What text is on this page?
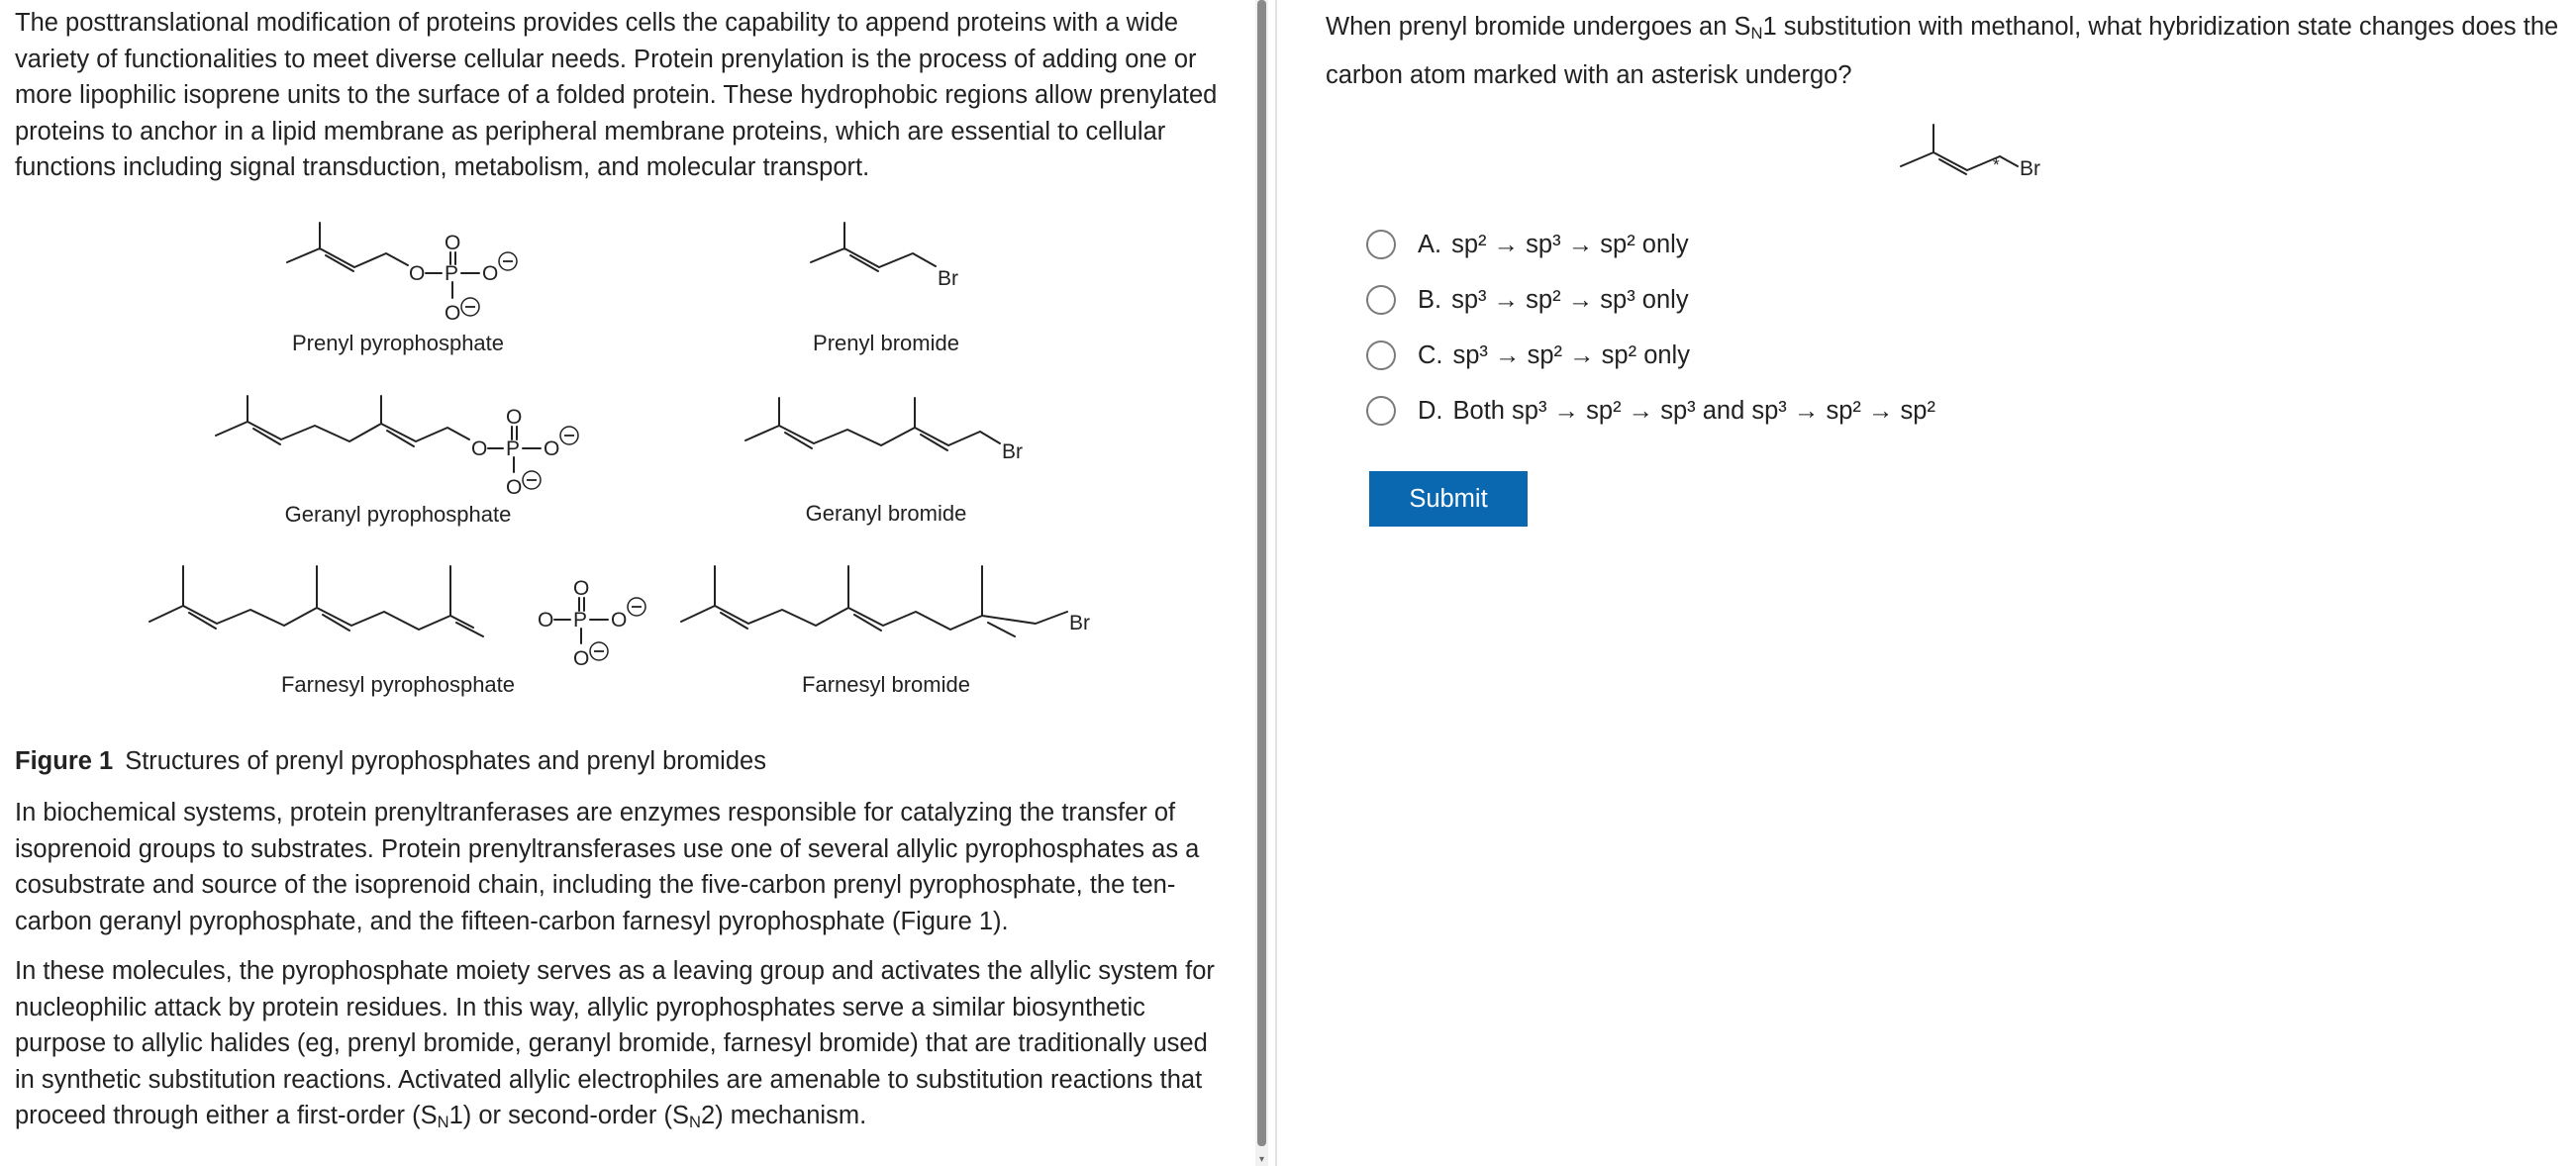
The posttranslational modification of proteins provides cells the capability to append proteins with a wide variety of functionalities to meet diverse cellular needs. Protein prenylation is the process of adding one or more lipophilic isoprene units to the surface of a folded protein. These hydrophobic regions allow prenylated proteins to anchor in a lipid membrane as peripheral membrane proteins, which are essential to cellular functions including signal transduction, metabolism, and molecular transport.

O P
O
O
O
Prenyl pyrophosphate
Br
Prenyl bromide
O P
O
O
O
Geranyl pyrophosphate
Br
Geranyl bromide
O P
O
O
O
Farnesyl pyrophosphate
Br
Farnesyl bromide
Figure 1 Structures of prenyl pyrophosphates and prenyl bromides

In biochemical systems, protein prenyltranferases are enzymes responsible for catalyzing the transfer of isoprenoid groups to substrates. Protein prenyltransferases use one of several allylic pyrophosphates as a cosubstrate and source of the isoprenoid chain, including the five-carbon prenyl pyrophosphate, the ten-carbon geranyl pyrophosphate, and the fifteen-carbon farnesyl pyrophosphate (Figure 1).

In these molecules, the pyrophosphate moiety serves as a leaving group and activates the allylic system for nucleophilic attack by protein residues. In this way, allylic pyrophosphates serve a similar biosynthetic purpose to allylic halides (eg, prenyl bromide, geranyl bromide, farnesyl bromide) that are traditionally used in synthetic substitution reactions. Activated allylic electrophiles are amenable to substitution reactions that proceed through either a first-order $(S_N1)$ or second-order $(S_N2)$ mechanism.

▾

When prenyl bromide undergoes an $S_N1$ substitution with methanol, what hybridization state changes does the carbon atom marked with an asterisk undergo?

* Br
A. sp² → sp³ → sp² only
B. sp³ → sp² → sp³ only
C. sp³ → sp² → sp² only
D. Both sp³ → sp² → sp³ and sp³ → sp² → sp²
Submit
